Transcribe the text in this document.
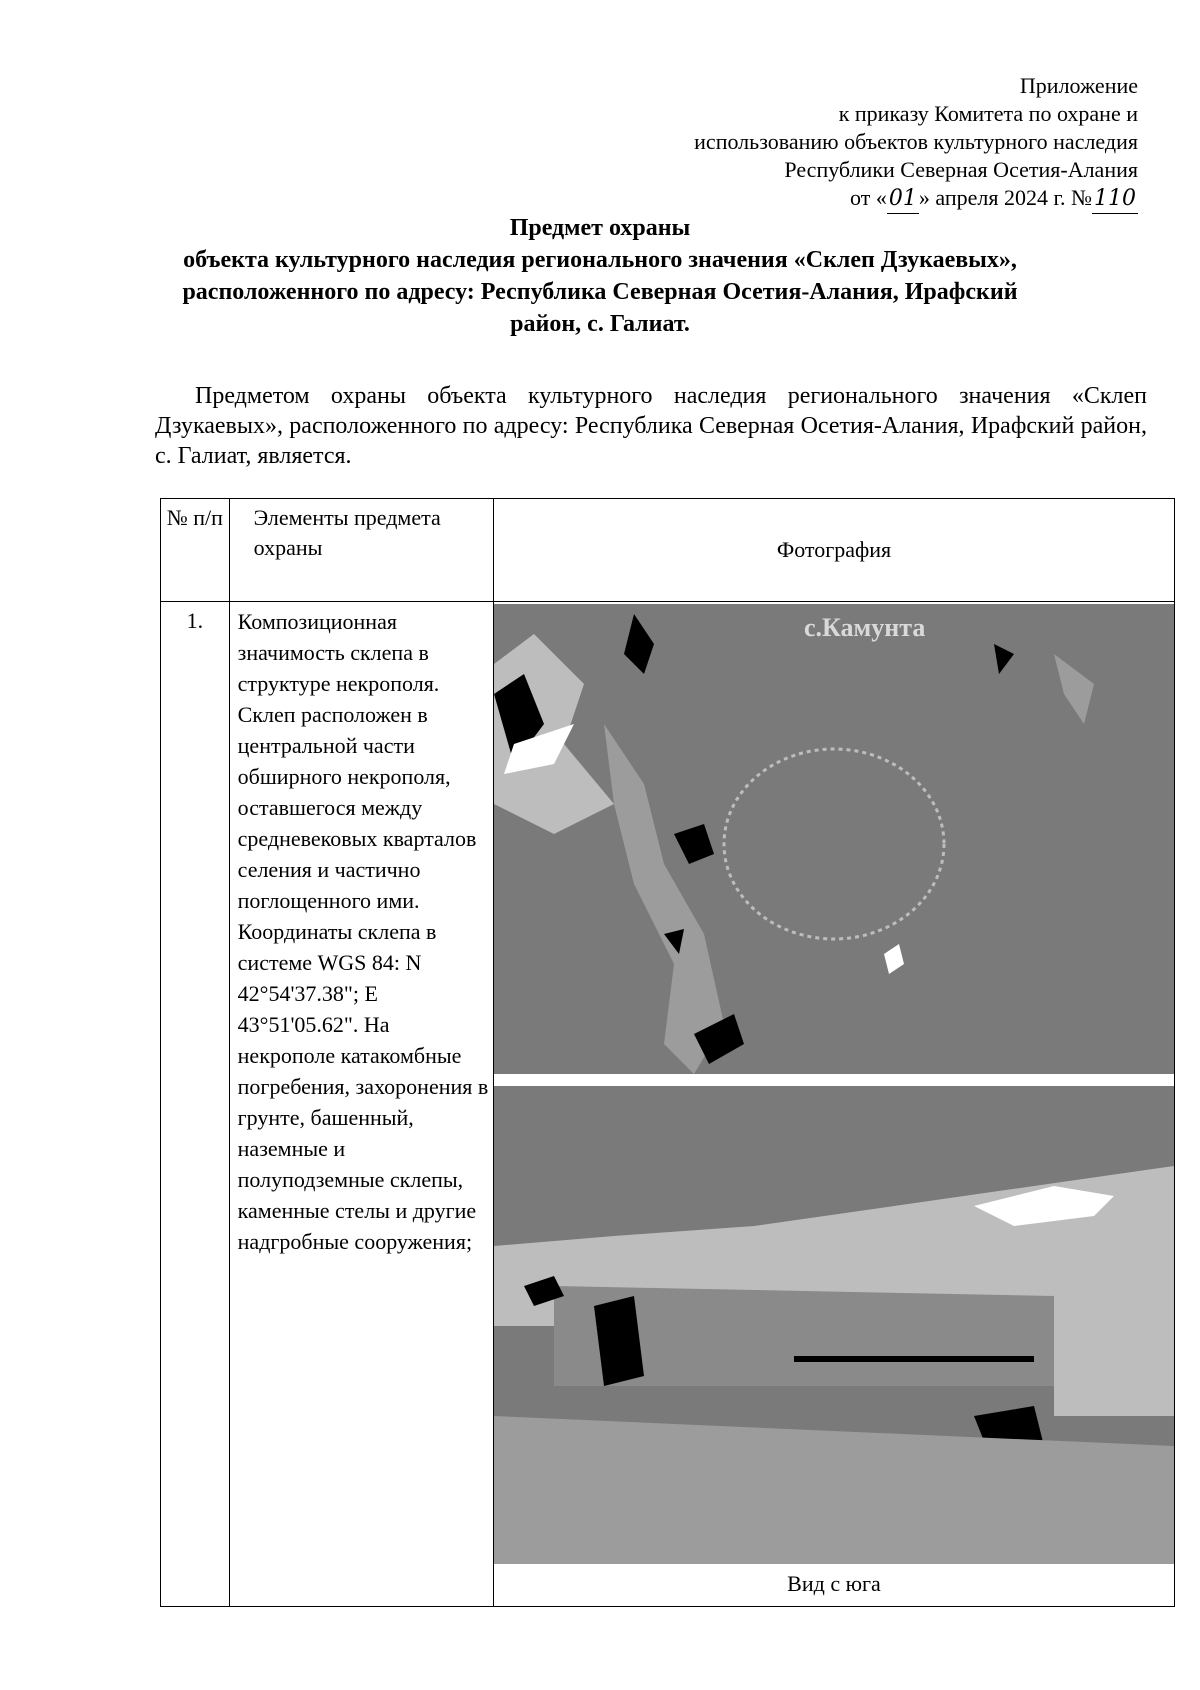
Приложение
к приказу Комитета по охране и
использованию объектов культурного наследия
Республики Северная Осетия-Алания
от «01» апреля 2024 г. №110
Предмет охраны
объекта культурного наследия регионального значения «Склеп Дзукаевых»,
расположенного по адресу: Республика Северная Осетия-Алания, Ирафский
район, с. Галиат.
Предметом охраны объекта культурного наследия регионального значения «Склеп Дзукаевых», расположенного по адресу: Республика Северная Осетия-Алания, Ирафский район, с. Галиат, является.
№ п/п	Элементы предмета охраны	Фотография
1.	Композиционная значимость склепа в структуре некрополя. Склеп расположен в центральной части обширного некрополя, оставшегося между средневековых кварталов селения и частично поглощенного ими. Координаты склепа в системе WGS 84: N 42°54'37.38"; E 43°51'05.62". На некрополе катакомбные погребения, захоронения в грунте, башенный, наземные и полуподземные склепы, каменные стелы и другие надгробные сооружения;	с.Камунта
Вид с юга
